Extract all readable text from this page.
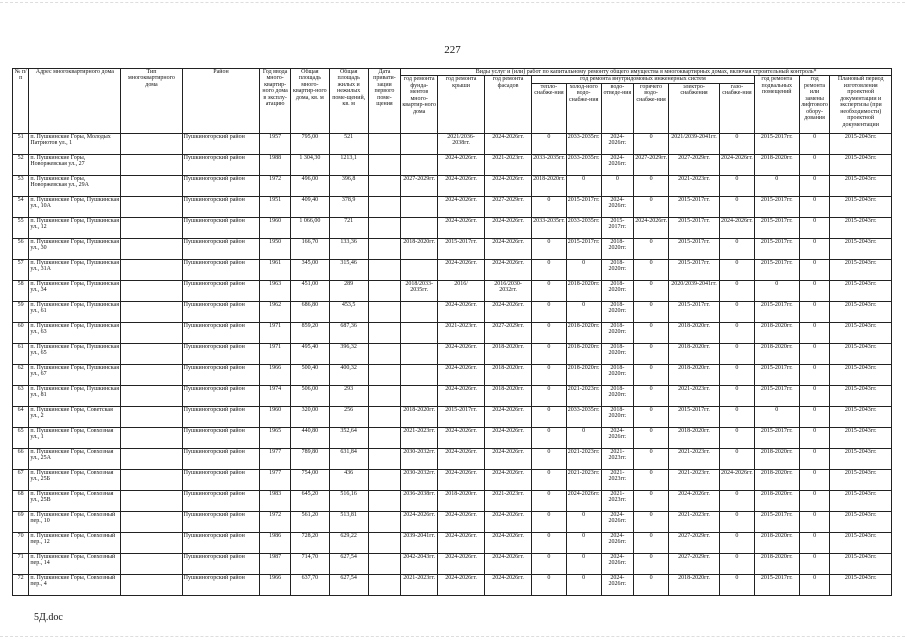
227
№ п/п	Адрес многоквартирного дома	Тип многоквартирного дома	Район	Год ввода много-квартир-ного дома в эксплу-атацию	Общая площадь много-квартир-ного дома, кв. м	Общая площадь жилых и нежилых поме-щений, кв. м	Дата привати-зации первого поме-щения	Виды услуг и (или) работ по капитальному ремонту общего имущества в многоквартирных домах, включая строительный контроль*											
								год ремонта фунда-ментов много-квартир-ного дома	год ремонта крыши	год ремонта фасадов	год ремонта внутридомовых инженерных систем						год ремонта подвальных помещений	год ремонта или замены лифтового обору-дования	Плановый период изготовления проектной документации и экспертизы (при необходимости) проектной документации
											тепло-снабже-ния	холод-ного водо-снабже-ния	водо-отведе-ния	горячего водо-снабже-ния	электро-снабжения	газо-снабже-ния			
51	п. Пушкинские Горы, Молодых Патриотов ул., 1		Пушкиногорский район	1957	795,00	521			2021/2036-2038гг.	2024-2026гг.	0	2033-2035гг.	2024-2026гг.	0	2021/2039-2041гг.	0	2015-2017гг.	0	2015-2043гг.
52	п. Пушкинские Горы, Новоржевская ул., 27		Пушкиногорский район	1988	1 304,30	1213,1			2024-2026гг.	2021-2023гг.	2033-2035гг.	2033-2035гг.	2024-2026гг.	2027-2029гг.	2027-2029гг.	2024-2026гг.	2018-2020гг.	0	2015-2043гг.
53	п. Пушкинские Горы, Новоржевская ул., 29А		Пушкиногорский район	1972	496,00	396,8		2027-2029гг.	2024-2026гг.	2024-2026гг.	2018-2020гг.	0	0	0	2021-2023гг.	0	0	0	2015-2043гг.
54	п. Пушкинские Горы, Пушкинская ул., 10А		Пушкиногорский район	1951	409,40	378,9			2024-2026гг.	2027-2029гг.	0	2015-2017гг.	2024-2026гг.	0	2015-2017гг.	0	2015-2017гг.	0	2015-2043гг.
55	п. Пушкинские Горы, Пушкинская ул., 12		Пушкиногорский район	1960	1 066,00	721			2024-2026гг.	2024-2026гг.	2033-2035гг.	2033-2035гг.	2015-2017гг.	2024-2026гг.	2015-2017гг.	2024-2026гг.	2015-2017гг.	0	2015-2043гг.
56	п. Пушкинские Горы, Пушкинская ул., 30		Пушкиногорский район	1950	166,70	133,36		2018-2020гг.	2015-2017гг.	2024-2026гг.	0	2015-2017гг.	2018-2020гг.	0	2015-2017гг.	0	2015-2017гг.	0	2015-2043гг.
57	п. Пушкинские Горы, Пушкинская ул., 31А		Пушкиногорский район	1961	345,00	315,46			2024-2026гг.	2024-2026гг.	0	0	2018-2020гг.	0	2015-2017гг.	0	2015-2017гг.	0	2015-2043гг.
58	п. Пушкинские Горы, Пушкинская ул., 34		Пушкиногорский район	1963	451,00	289		2018/2033-2035гг.	2016/	2016/2030-2032гг.	0	2018-2020гг.	2018-2020гг.	0	2020/2039-2041гг.	0	0	0	2015-2043гг.
59	п. Пушкинские Горы, Пушкинская ул., 61		Пушкиногорский район	1962	686,80	453,5			2024-2026гг.	2024-2026гг.	0	0	2018-2020гг.	0	2015-2017гг.	0	2015-2017гг.	0	2015-2043гг.
60	п. Пушкинские Горы, Пушкинская ул., 63		Пушкиногорский район	1971	859,20	687,36			2021-2023гг.	2027-2029гг.	0	2018-2020гг.	2018-2020гг.	0	2018-2020гг.	0	2018-2020гг.	0	2015-2043гг.
61	п. Пушкинские Горы, Пушкинская ул., 65		Пушкиногорский район	1971	495,40	396,32			2024-2026гг.	2018-2020гг.	0	2018-2020гг.	2018-2020гг.	0	2018-2020гг.	0	2018-2020гг.	0	2015-2043гг.
62	п. Пушкинские Горы, Пушкинская ул., 67		Пушкиногорский район	1966	500,40	400,32			2024-2026гг.	2018-2020гг.	0	2018-2020гг.	2018-2020гг.	0	2018-2020гг.	0	2015-2017гг.	0	2015-2043гг.
63	п. Пушкинские Горы, Пушкинская ул., 81		Пушкиногорский район	1974	506,00	293			2024-2026гг.	2018-2020гг.	0	2021-2023гг.	2018-2020гг.	0	2021-2023гг.	0	2015-2017гг.	0	2015-2043гг.
64	п. Пушкинские Горы, Советская ул., 2		Пушкиногорский район	1960	320,00	256		2018-2020гг.	2015-2017гг.	2024-2026гг.	0	2033-2035гг.	2018-2020гг.	0	2015-2017гг.	0	0	0	2015-2043гг.
65	п. Пушкинские Горы, Совхозная ул., 1		Пушкиногорский район	1965	440,80	352,64		2021-2023гг.	2024-2026гг.	2024-2026гг.	0	0	2024-2026гг.	0	2018-2020гг.	0	2015-2017гг.	0	2015-2043гг.
66	п. Пушкинские Горы, Совхозная ул., 25А		Пушкиногорский район	1977	789,80	631,84		2030-2032гг.	2024-2026гг.	2024-2026гг.	0	2021-2023гг.	2021-2023гг.	0	2021-2023гг.	0	2018-2020гг.	0	2015-2043гг.
67	п. Пушкинские Горы, Совхозная ул., 25Б		Пушкиногорский район	1977	754,00	436		2030-2032гг.	2024-2026гг.	2024-2026гг.	0	2021-2023гг.	2021-2023гг.	0	2021-2023гг.	2024-2026гг.	2018-2020гг.	0	2015-2043гг.
68	п. Пушкинские Горы, Совхозная ул., 25В		Пушкиногорский район	1983	645,20	516,16		2036-2038гг.	2018-2020гг.	2021-2023гг.	0	2024-2026гг.	2021-2023гг.	0	2024-2026гг.	0	2018-2020гг.	0	2015-2043гг.
69	п. Пушкинские Горы, Совхозный пер., 10		Пушкиногорский район	1972	561,20	513,81		2024-2026гг.	2024-2026гг.	2024-2026гг.	0	0	2024-2026гг.	0	2021-2023гг.	0	2015-2017гг.	0	2015-2043гг.
70	п. Пушкинские Горы, Совхозный пер., 12		Пушкиногорский район	1986	728,20	629,22		2039-2041гг.	2024-2026гг.	2024-2026гг.	0	0	2024-2026гг.	0	2027-2029гг.	0	2018-2020гг.	0	2015-2043гг.
71	п. Пушкинские Горы, Совхозный пер., 14		Пушкиногорский район	1987	714,70	627,54		2042-2043гг.	2024-2026гг.	2024-2026гг.	0	0	2024-2026гг.	0	2027-2029гг.	0	2018-2020гг.	0	2015-2043гг.
72	п. Пушкинские Горы, Совхозный пер., 4		Пушкиногорский район	1966	637,70	627,54		2021-2023гг.	2024-2026гг.	2024-2026гг.	0	0	2024-2026гг.	0	2018-2020гг.	0	2015-2017гг.	0	2015-2043гг.
5Д.doc
